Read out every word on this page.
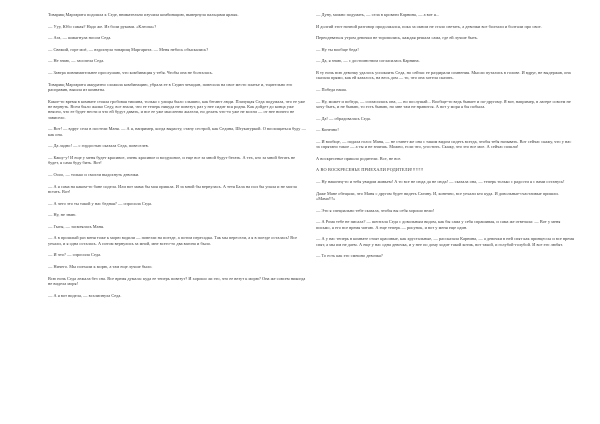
Товарищ Маргарита подошла к Седе, внимательно изучила комбинацию, вывернула пальцами ярлык.

— Ууу, Юбо самая? Надо же. Из боли руками. «Клеопа»?

— Ага, — шмыгнула носом Седа.

— Свежий, горе моё, — вздохнула товарищ Маргарита. — Меня небось обыскались?

— Не знаю, — засопела Седа.

— Завтра повнимательнее прослушаю, что комбинация у тебя. Чтобы она не болталась.

Товарищ Маргарита аккуратно сложила комбинацию, убрала ее в Седин чемодан, повесила на свое место платье и, тщательно его расправив, вышла из комнаты.

Какое-то время в комнате стояла гробовая тишина, только с улицы было слышно, как бегают люди. Плачущая Седа подумала, что ее уже не вернуть. Всем было жалко Седу, все знали, что ее теперь никуда не повезут, раз у нее сидит вся родня. Как дойдет до конца уже неясно, что ее будет нести и что ей будут давать, и все ее уже мысленно жалели, но делать что-то уже не могли — от нее ничего не зависело.

— Вот! — вдруг села в постели Маня. — А я, например, когда вырасту, стану сестрой, как Седина, Штукатуркой. О восхищаться буду — как она.

— Да ладно! — с гордостью сказала Седа, повеселев.

— Кашу-у! И еще у меня будет красивое, очень красивое и воздушное, и еще все за мной будут бегать. А тех, кто за мной бегать не будет, я сама буду бить. Вот!

— Оооо, — только и смогли выдохнуть девочки.

— А я сама на каком-то бане сидела. Или вот мама бы моя пришла. И за мной бы вернулась. А тетя Бала на пол бы упала и не могла встать. Вот!

— А чего это ты такой у нас бедная? — спросила Седа.

— Ну, не знаю.

— Гыгы, — засмеялась Маня.

— А в прошлый раз меня тоже к морю водили — повезли на поезде, а потом пересадка. Так мы пересели, а я в поезде осталась! Все уехали, и я одна осталась. А потом вернулись за мной, мне всего-то два вагона и было.

— И что? — спросила Седа.

— Ничего. Мы поехали к морю, а там еще лучше было.

Всю ночь Седа лежала без сна. Все время думала: куда ее теперь повезут? И хорошо ли это, что ее везут к морю? Она же совсем никогда не видела моря!

— А я вот видела, — всхлипнула Седа.

— Дуну, можно подумать, — села в кровати Карнина, — а вот я...

И долгий этот ночной разговор продолжался, пока за окном не стало светать, а девочки все болтали и болтали про свое.

Переодеваться утром девочки не торопились, каждая решала сама, где ей лучше быть.

— Ну ты вообще беда!

— Да, я знаю, — с достоинством согласилась Карнина.

В ту ночь всю девочку удалось успокоить Седа, но сейчас ее раздирали сомнения. Мысли путались в голове. И вдруг, не выдержав, она сказала прямо, как ей казалось, на весь дом — то, что она хотела сказать.

— Победа наша.

— Ну, может и победа, — согласилась она, — но послушай... Вообще-то ведь бывает и по-другому. Я вот, например, в лагере совсем не хочу быть, и не бываю, то есть бываю, но мне там не нравится. А вот у моря я бы побыла.

— Да! — обрадовалась Седа.

— Конечно!

— И вообще, — подала голос Маня, — не станет же она с таким видом сидеть всегда, чтобы тебя называть. Вот сейчас скажу, что у нас за спрятано такое — а ты и не знаешь. Можно, если что, угостить. Скажу, что это все мое. А сейчас пошли!

А воскресенье пришло родители. Все, не все.

А ВО ВОСКРЕСЕНЬЕ ПРИЕХАЛИ РОДИТЕЛИ!!!!!!!!

— Ну наконец-то и тебя увидим живьем! А то все не сюда да не сюда! — сказала она, — теперь только с радости я с вами останусь!

Даже Мане обещали, что Маня с другом будет видеть Сагину. И, конечно, все уехали кто куда. И довольные-счастливые пришли. «Мама!!!»

— Это я специально тебе сказала, чтобы вы себя хорошо вели!

— А Рома тебе не писала? — шептала Седа с довольным видом, как бы сама у себя спрашивая, и сама же отвечала: — Вот у меня письмо, я его все время читаю. А еще теперь — рисунок, и вот у меня еще один.

— А у нас теперь в комнате стоят красивые, как хрустальные, — рассказала Карнина, — а девочки в ней спят как принцессы и все время спят, а мы им не даем. А еще у нас одна девочка, и у нее по дому ходит такой котик, вот такой, и голубой-голубой. И все его любят.

— То есть как это смешно девочка?
